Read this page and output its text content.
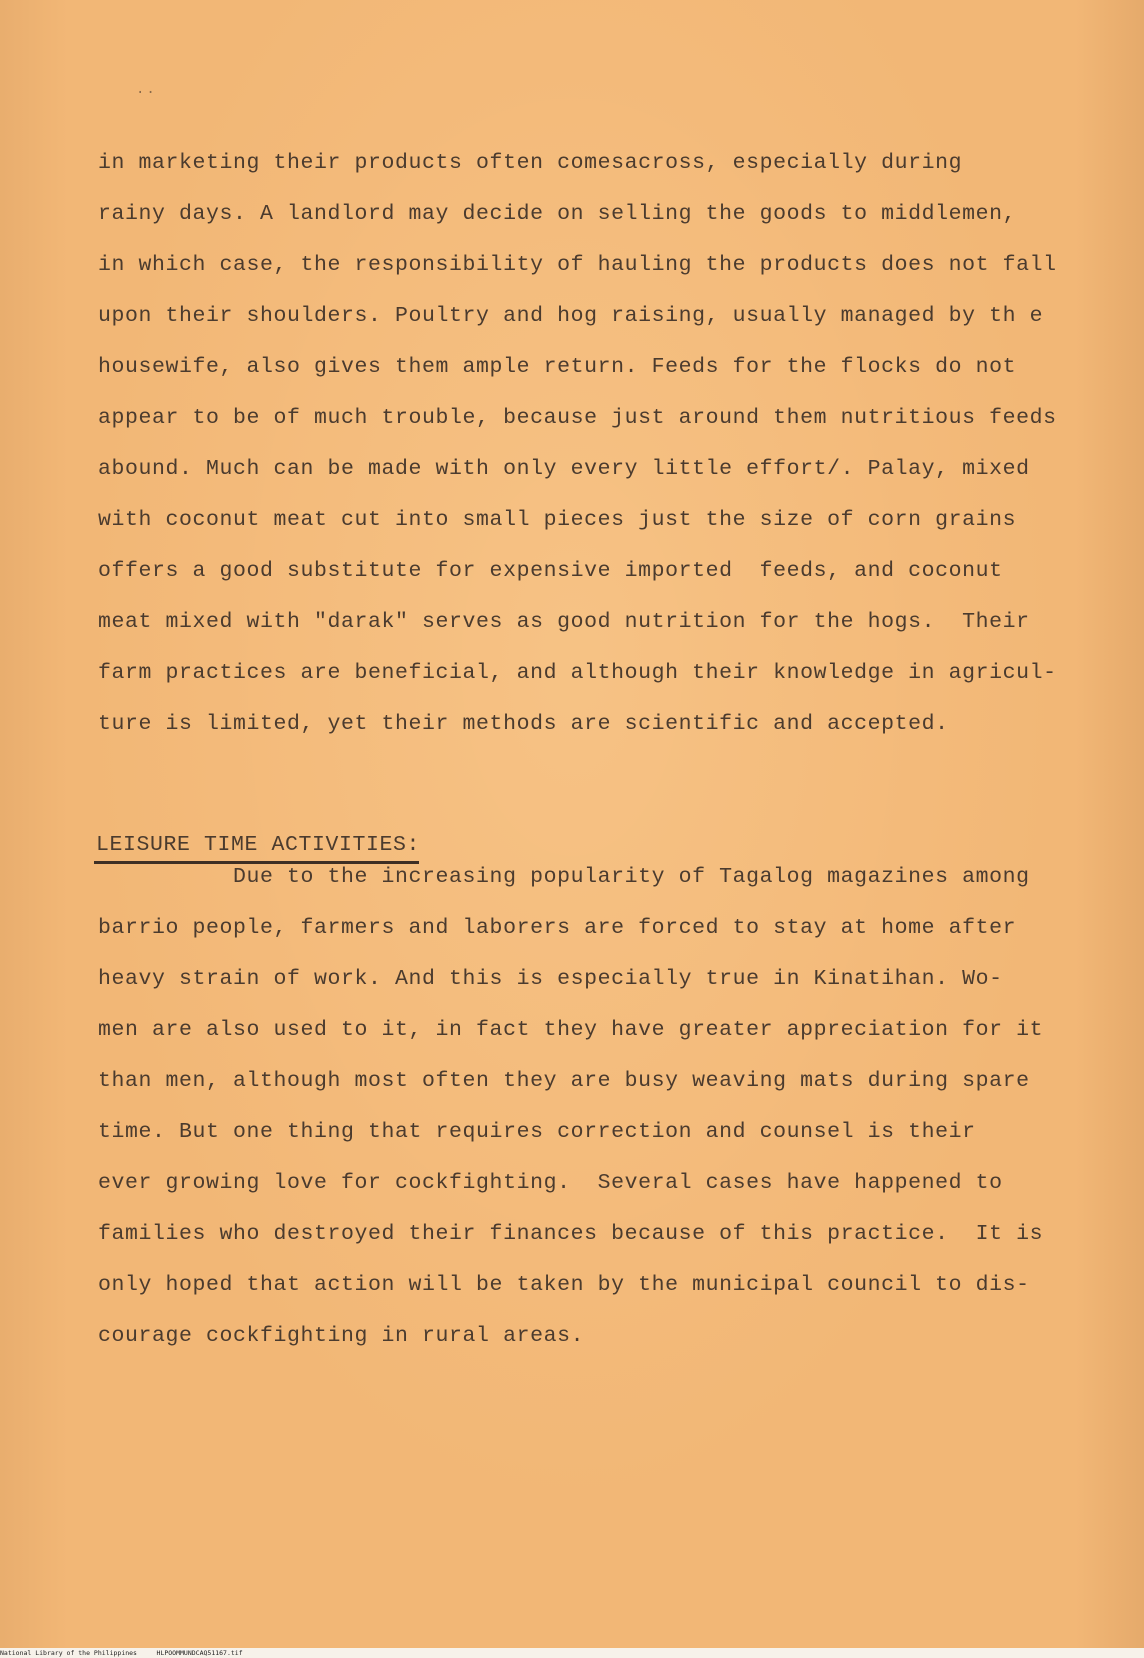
..
in marketing their products often comesacross, especially during
rainy days. A landlord may decide on selling the goods to middlemen,
in which case, the responsibility of hauling the products does not fall
upon their shoulders. Poultry and hog raising, usually managed by th e
housewife, also gives them ample return. Feeds for the flocks do not
appear to be of much trouble, because just around them nutritious feeds
abound. Much can be made with only every little effort/. Palay, mixed
with coconut meat cut into small pieces just the size of corn grains
offers a good substitute for expensive imported  feeds, and coconut
meat mixed with "darak" serves as good nutrition for the hogs.  Their
farm practices are beneficial, and although their knowledge in agricul-
ture is limited, yet their methods are scientific and accepted.
LEISURE TIME ACTIVITIES:
Due to the increasing popularity of Tagalog magazines among
barrio people, farmers and laborers are forced to stay at home after
heavy strain of work. And this is especially true in Kinatihan. Wo-
men are also used to it, in fact they have greater appreciation for it
than men, although most often they are busy weaving mats during spare
time. But one thing that requires correction and counsel is their
ever growing love for cockfighting.  Several cases have happened to
families who destroyed their finances because of this practice.  It is
only hoped that action will be taken by the municipal council to dis-
courage cockfighting in rural areas.
National Library of the Philippines     HLPOOMMUNDCAQ51167.tif
